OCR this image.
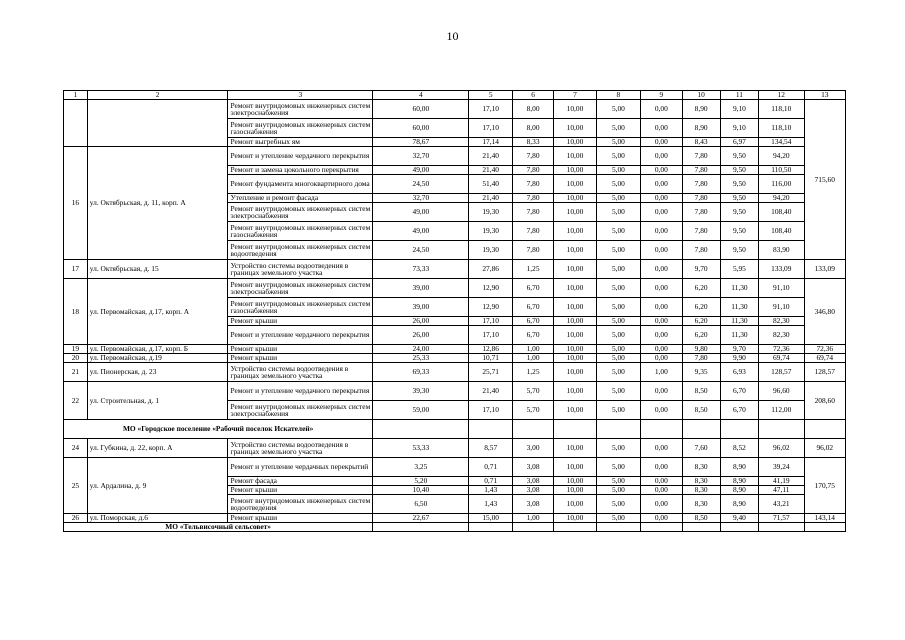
10
1	2	3	4	5	6	7	8	9	10	11	12	13
		Ремонт внутридомовых инженерных систем электроснабжения	60,00	17,10	8,00	10,00	5,00	0,00	8,90	9,10	118,10	715,60
		Ремонт внутридомовых инженерных систем газоснабжения	60,00	17,10	8,00	10,00	5,00	0,00	8,90	9,10	118,10	
		Ремонт выгребных ям	78,67	17,14	8,33	10,00	5,00	0,00	8,43	6,97	134,54	
16	ул. Октябрьская, д. 11, корп. А	Ремонт и утепление чердачного перекрытия	32,70	21,40	7,80	10,00	5,00	0,00	7,80	9,50	94,20	
		Ремонт и замена цокольного перекрытия	49,00	21,40	7,80	10,00	5,00	0,00	7,80	9,50	110,50	
		Ремонт фундамента многоквартирного дома	24,50	51,40	7,80	10,00	5,00	0,00	7,80	9,50	116,00	
		Утепление и ремонт фасада	32,70	21,40	7,80	10,00	5,00	0,00	7,80	9,50	94,20	
		Ремонт внутридомовых инженерных систем электроснабжения	49,00	19,30	7,80	10,00	5,00	0,00	7,80	9,50	108,40	
		Ремонт внутридомовых инженерных систем газоснабжения	49,00	19,30	7,80	10,00	5,00	0,00	7,80	9,50	108,40	
		Ремонт внутридомовых инженерных систем водоотведения	24,50	19,30	7,80	10,00	5,00	0,00	7,80	9,50	83,90	
17	ул. Октябрьская, д. 15	Устройство системы водоотведения в границах земельного участка	73,33	27,86	1,25	10,00	5,00	0,00	9,70	5,95	133,09	133,09
18	ул. Первомайская, д.17, корп. А	Ремонт внутридомовых инженерных систем электроснабжения	39,00	12,90	6,70	10,00	5,00	0,00	6,20	11,30	91,10	346,80
		Ремонт внутридомовых инженерных систем газоснабжения	39,00	12,90	6,70	10,00	5,00	0,00	6,20	11,30	91,10	
		Ремонт крыши	26,00	17,10	6,70	10,00	5,00	0,00	6,20	11,30	82,30	
		Ремонт и утепление чердачного перекрытия	26,00	17,10	6,70	10,00	5,00	0,00	6,20	11,30	82,30	
19	ул. Первомайская, д.17, корп. Б	Ремонт крыши	24,00	12,86	1,00	10,00	5,00	0,00	9,80	9,70	72,36	72,36
20	ул. Первомайская, д.19	Ремонт крыши	25,33	10,71	1,00	10,00	5,00	0,00	7,80	9,90	69,74	69,74
21	ул. Пионерская, д. 23	Устройство системы водоотведения в границах земельного участка	69,33	25,71	1,25	10,00	5,00	1,00	9,35	6,93	128,57	128,57
22	ул. Строительная, д. 1	Ремонт и утепление чердачного перекрытия	39,30	21,40	5,70	10,00	5,00	0,00	8,50	6,70	96,60	208,60
		Ремонт внутридомовых инженерных систем электроснабжения	59,00	17,10	5,70	10,00	5,00	0,00	8,50	6,70	112,00	
МО «Городское поселение «Рабочий поселок Искателей»												
24	ул. Губкина, д. 22, корп. А	Устройство системы водоотведения в границах земельного участка	53,33	8,57	3,00	10,00	5,00	0,00	7,60	8,52	96,02	96,02
25	ул. Ардалина, д. 9	Ремонт и утепление чердачных перекрытий	3,25	0,71	3,08	10,00	5,00	0,00	8,30	8,90	39,24	170,75
		Ремонт фасада	5,20	0,71	3,08	10,00	5,00	0,00	8,30	8,90	41,19	
		Ремонт крыши	10,40	1,43	3,08	10,00	5,00	0,00	8,30	8,90	47,11	
		Ремонт внутридомовых инженерных систем водоотведения	6,50	1,43	3,08	10,00	5,00	0,00	8,30	8,90	43,21	
26	ул. Поморская, д.6	Ремонт крыши	22,67	15,00	1,00	10,00	5,00	0,00	8,50	9,40	71,57	143,14
МО «Тельвисочный сельсовет»												
